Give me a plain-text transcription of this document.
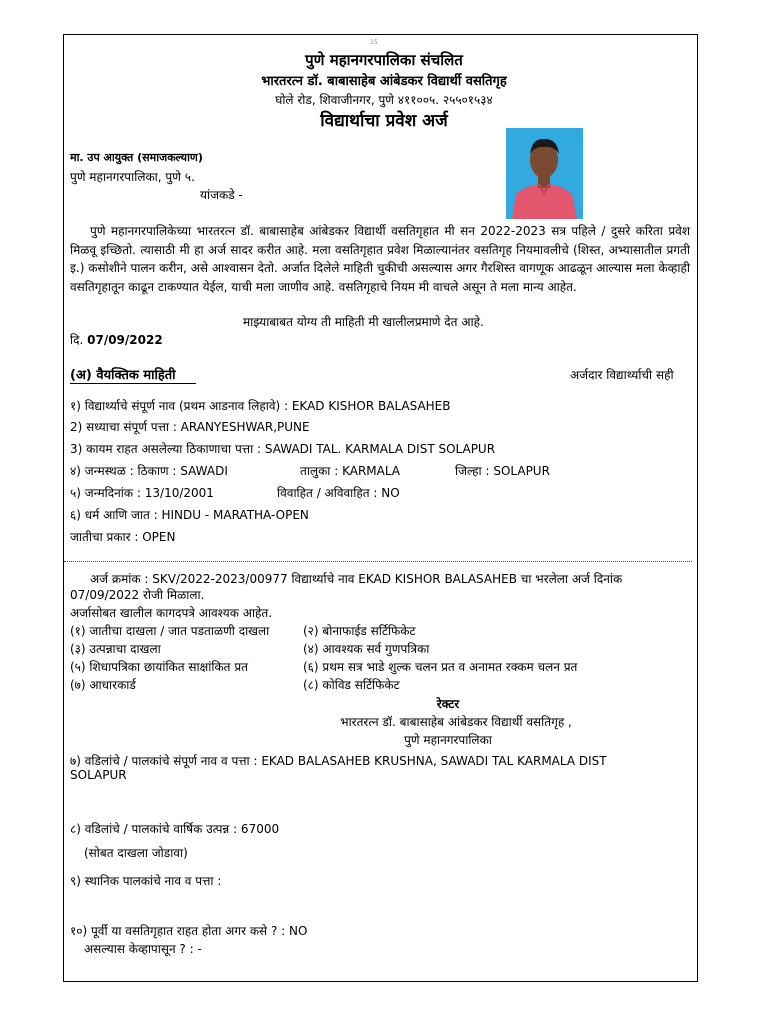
15
पुणे महानगरपालिका संचलित
भारतरत्न डॉ. बाबासाहेब आंबेडकर विद्यार्थी वसतिगृह
घोले रोड, शिवाजीनगर, पुणे ४११००५. २५५०१५३४
विद्यार्थाचा प्रवेश अर्ज
मा. उप आयुक्त (समाजकल्याण)
पुणे महानगरपालिका, पुणे ५.
यांजकडे -
पुणे महानगरपालिकेच्या भारतरत्न डॉ. बाबासाहेब आंबेडकर विद्यार्थी वसतिगृहात मी सन 2022-2023 सत्र पहिले / दुसरे करिता प्रवेश मिळवू इच्छितो. त्यासाठी मी हा अर्ज सादर करीत आहे. मला वसतिगृहात प्रवेश मिळाल्यानंतर वसतिगृह नियमावलीचे (शिस्त, अभ्यासातील प्रगती इ.) कसोशीने पालन करीन, असे आश्वासन देतो. अर्जात दिलेले माहिती चुकीची असल्यास अगर गैरशिस्त वागणूक आढळून आल्यास मला केव्हाही वसतिगृहातून काढून टाकण्यात येईल, याची मला जाणीव आहे. वसतिगृहाचे नियम मी वाचले असून ते मला मान्य आहेत.
माझ्याबाबत योग्य ती माहिती मी खालीलप्रमाणे देत आहे.
दि. 07/09/2022
(अ) वैयक्तिक माहिती	अर्जदार विद्यार्थ्याची सही
१) विद्यार्थ्याचे संपूर्ण नाव (प्रथम आडनाव लिहावे) : EKAD KISHOR BALASAHEB
2) सध्याचा संपूर्ण पत्ता : ARANYESHWAR,PUNE
3) कायम राहत असलेल्या ठिकाणाचा पत्ता : SAWADI TAL. KARMALA DIST SOLAPUR
४) जन्मस्थळ : ठिकाण : SAWADI	तालुका : KARMALA	जिल्हा : SOLAPUR
५) जन्मदिनांक : 13/10/2001	विवाहित / अविवाहित : NO
६) धर्म आणि जात : HINDU - MARATHA-OPEN
जातीचा प्रकार : OPEN
अर्ज क्रमांक : SKV/2022-2023/00977 विद्यार्थ्याचे नाव EKAD KISHOR BALASAHEB चा भरलेला अर्ज दिनांक
07/09/2022 रोजी मिळाला.
अर्जासोबत खालील कागदपत्रे आवश्यक आहेत.
(१) जातीचा दाखला / जात पडताळणी दाखला	(२) बोनाफाईड सर्टिफिकेट
(३) उत्पन्नाचा दाखला	(४) आवश्यक सर्व गुणपत्रिका
(५) शिधापत्रिका छायांकित साक्षांकित प्रत	(६) प्रथम सत्र भाडे शुल्क चलन प्रत व अनामत रक्कम चलन प्रत
(७) आधारकार्ड	(८) कोविड सर्टिफिकेट
रेक्टर
भारतरत्न डॉ. बाबासाहेब आंबेडकर विद्यार्थी वसतिगृह ,
पुणे महानगरपालिका
७) वडिलांचे / पालकांचे संपूर्ण नाव व पत्ता : EKAD BALASAHEB KRUSHNA, SAWADI TAL KARMALA DIST
SOLAPUR
८) वडिलांचे / पालकांचे वार्षिक उत्पन्न : 67000
(सोबत दाखला जोडावा)
९) स्थानिक पालकांचे नाव व पत्ता :
१०) पूर्वी या वसतिगृहात राहत होता अगर कसे ? : NO
असल्यास केव्हापासून ? : -
